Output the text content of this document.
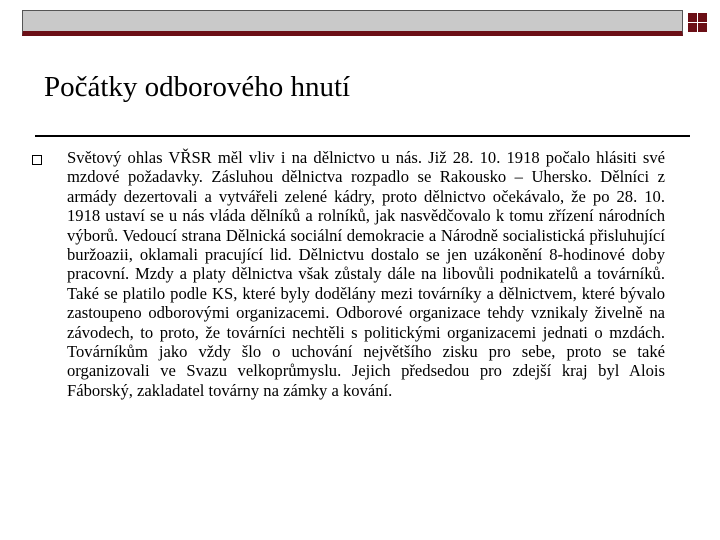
Počátky odborového hnutí

Světový ohlas VŘSR měl vliv i na dělnictvo u nás. Již 28. 10. 1918 počalo hlásiti své mzdové požadavky. Zásluhou dělnictva rozpadlo se Rakousko – Uhersko. Dělníci z armády dezertovali a vytvářeli zelené kádry, proto dělnictvo očekávalo, že po 28. 10. 1918 ustaví se u nás vláda dělníků a rolníků, jak nasvědčovalo k tomu zřízení národních výborů. Vedoucí strana Dělnická sociální demokracie a Národně socialistická přisluhující buržoazii, oklamali pracující lid. Dělnictvu dostalo se jen uzákonění 8-hodinové doby pracovní. Mzdy a platy dělnictva však zůstaly dále na libovůli podnikatelů a továrníků. Také se platilo podle KS, které byly dodělány mezi továrníky a dělnictvem, které bývalo zastoupeno odborovými organizacemi. Odborové organizace tehdy vznikaly živelně na závodech, to proto, že továrníci nechtěli s politickými organizacemi jednati o mzdách. Továrníkům jako vždy šlo o uchování největšího zisku pro sebe, proto se také organizovali ve Svazu velkoprůmyslu. Jejich předsedou pro zdejší kraj byl Alois Fáborský, zakladatel továrny na zámky a kování.
